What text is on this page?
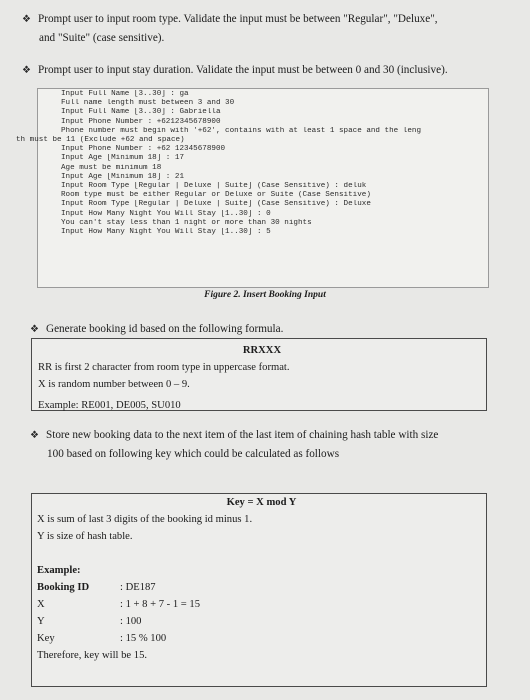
❖ Prompt user to input room type. Validate the input must be between "Regular", "Deluxe",
and "Suite" (case sensitive).
❖ Prompt user to input stay duration. Validate the input must be between 0 and 30 (inclusive).
Input Full Name [3..30] : ga
Full name length must between 3 and 30
Input Full Name [3..30] : Gabriella
Input Phone Number : +6212345678900
Phone number must begin with '+62', contains with at least 1 space and the leng
th must be 11 (Exclude +62 and space)
Input Phone Number : +62 12345678900
Input Age [Minimum 18] : 17
Age must be minimum 18
Input Age [Minimum 18] : 21
Input Room Type [Regular | Deluxe | Suite] (Case Sensitive) : deluk
Room type must be either Regular or Deluxe or Suite (Case Sensitive)
Input Room Type [Regular | Deluxe | Suite] (Case Sensitive) : Deluxe
Input How Many Night You Will Stay [1..30] : 0
You can't stay less than 1 night or more than 30 nights
Input How Many Night You Will Stay [1..30] : 5
Figure 2. Insert Booking Input
❖ Generate booking id based on the following formula.
RRXXX
RR is first 2 character from room type in uppercase format.
X is random number between 0 – 9.
Example: RE001, DE005, SU010
❖ Store new booking data to the next item of the last item of chaining hash table with size
100 based on following key which could be calculated as follows
Key = X mod Y
X is sum of last 3 digits of the booking id minus 1.
Y is size of hash table.
Example:
Booking ID	: DE187
X	: 1 + 8 + 7 - 1 = 15
Y	: 100
Key	: 15 % 100
Therefore, key will be 15.
